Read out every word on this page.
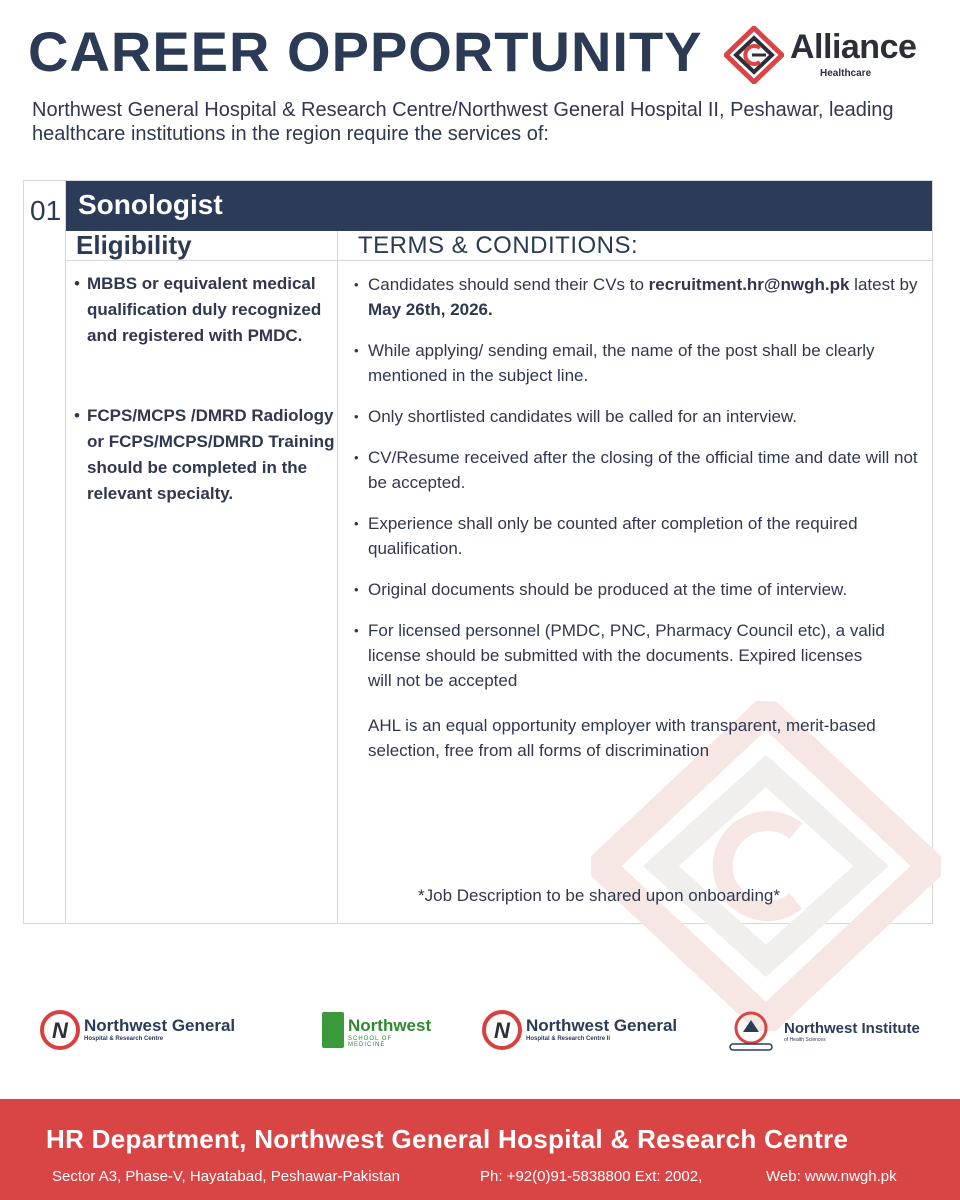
CAREER OPPORTUNITY	Alliance
Healthcare
Northwest General Hospital & Research Centre/Northwest General Hospital II, Peshawar, leading healthcare institutions in the region require the services of:
01 Sonologist
Eligibility	TERMS & CONDITIONS:
• MBBS or equivalent medical qualification duly recognized and registered with PMDC.
• FCPS/MCPS /DMRD Radiology or FCPS/MCPS/DMRD Training should be completed in the relevant specialty.
• Candidates should send their CVs to recruitment.hr@nwgh.pk latest by
May 26th, 2026.
• While applying/ sending email, the name of the post shall be clearly mentioned in the subject line.
• Only shortlisted candidates will be called for an interview.
• CV/Resume received after the closing of the official time and date will not be accepted.
• Experience shall only be counted after completion of the required qualification.
• Original documents should be produced at the time of interview.
• For licensed personnel (PMDC, PNC, Pharmacy Council etc), a valid license should be submitted with the documents. Expired licenses will not be accepted
AHL is an equal opportunity employer with transparent, merit-based selection, free from all forms of discrimination
*Job Description to be shared upon onboarding*
N Northwest General
Hospital & Research Centre
Northwest
SCHOOL OF MEDICINE
N Northwest General
Hospital & Research Centre II
Northwest Institute
of Health Sciences
HR Department, Northwest General Hospital & Research Centre
Sector A3, Phase-V, Hayatabad, Peshawar-Pakistan	Ph: +92(0)91-5838800 Ext: 2002,	Web: www.nwgh.pk
